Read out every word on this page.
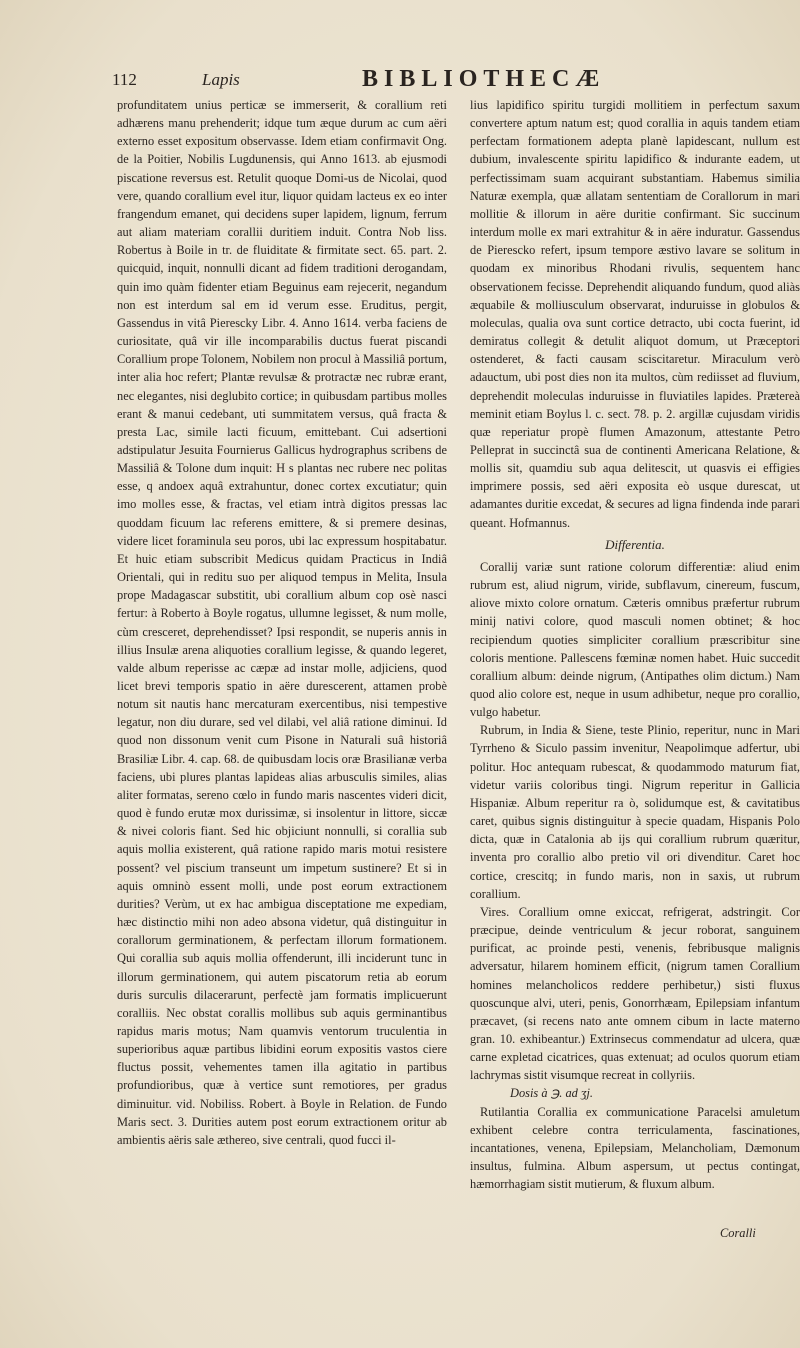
112	Lapis	BIBLIOTHECÆ

profunditatem unius perticæ se immerserit, & corallium reti adhærens manu prehenderit; idque tum æque durum ac cum aëri externo esset expositum observasse. Idem etiam confirmavit Ong. de la Poitier, Nobilis Lugdunensis, qui Anno 1613. ab ejusmodi piscatione reversus est. Retulit quoque Domi-us de Nicolai, quod vere, quando corallium evel itur, liquor quidam lacteus ex eo inter frangendum emanet, qui decidens super lapidem, lignum, ferrum aut aliam materiam corallii duritiem induit. Contra Nob liss. Robertus à Boile in tr. de fluiditate & firmitate sect. 65. part. 2. quicquid, inquit, nonnulli dicant ad fidem traditioni derogandam, quin imo quàm fidenter etiam Beguinus eam rejecerit, negandum non est interdum sal em id verum esse. Eruditus, pergit, Gassendus in vitâ Pierescky Libr. 4. Anno 1614. verba faciens de curiositate, quâ vir ille incomparabilis ductus fuerat piscandi Corallium prope Tolonem, Nobilem non procul à Massiliâ portum, inter alia hoc refert; Plantæ revulsæ & protractæ nec rubræ erant, nec elegantes, nisi deglubito cortice; in quibusdam partibus molles erant & manui cedebant, uti summitatem versus, quâ fracta & presta Lac, simile lacti ficuum, emittebant. Cui adsertioni adstipulatur Jesuita Fournierus Gallicus hydrographus scribens de Massiliâ & Tolone dum inquit: H s plantas nec rubere nec politas esse, q andoex aquâ extrahuntur, donec cortex excutiatur; quin imo molles esse, & fractas, vel etiam intrà digitos pressas lac quoddam ficuum lac referens emittere, & si premere desinas, videre licet foraminula seu poros, ubi lac expressum hospitabatur. Et huic etiam subscribit Medicus quidam Practicus in Indiâ Orientali, qui in reditu suo per aliquod tempus in Melita, Insula prope Madagascar substitit, ubi corallium album cop osè nasci fertur: à Roberto à Boyle rogatus, ullumne legisset, & num molle, cùm cresceret, deprehendisset? Ipsi respondit, se nuperis annis in illius Insulæ arena aliquoties corallium legisse, & quando legeret, valde album reperisse ac cæpæ ad instar molle, adjiciens, quod licet brevi temporis spatio in aëre durescerent, attamen probè notum sit nautis hanc mercaturam exercentibus, nisi tempestive legatur, non diu durare, sed vel dilabi, vel aliâ ratione diminui. Id quod non dissonum venit cum Pisone in Naturali suâ historiâ Brasiliæ Libr. 4. cap. 68. de quibusdam locis oræ Brasilianæ verba faciens, ubi plures plantas lapideas alias arbusculis similes, alias aliter formatas, sereno cœlo in fundo maris nascentes videri dicit, quod è fundo erutæ mox durissimæ, si insolentur in littore, siccæ & nivei coloris fiant. Sed hic objiciunt nonnulli, si corallia sub aquis mollia existerent, quâ ratione rapido maris motui resistere possent? vel piscium transeunt um impetum sustinere? Et si in aquis omninò essent molli, unde post eorum extractionem durities? Verùm, ut ex hac ambigua disceptatione me expediam, hæc distinctio mihi non adeo absona videtur, quâ distinguitur in corallorum germinationem, & perfectam illorum formationem. Qui corallia sub aquis mollia offenderunt, illi inciderunt tunc in illorum germinationem, qui autem piscatorum retia ab eorum duris surculis dilacerarunt, perfectè jam formatis implicuerunt coralliis. Nec obstat corallis mollibus sub aquis germinantibus rapidus maris motus; Nam quamvis ventorum truculentia in superioribus aquæ partibus libidini eorum expositis vastos ciere fluctus possit, vehementes tamen illa agitatio in partibus profundioribus, quæ à vertice sunt remotiores, per gradus diminuitur. vid. Nobiliss. Robert. à Boyle in Relation. de Fundo Maris sect. 3. Durities autem post eorum extractionem oritur ab ambientis aëris sale æthereo, sive centrali, quod fucci il-

lius lapidifico spiritu turgidi mollitiem in perfectum saxum convertere aptum natum est; quod corallia in aquis tandem etiam perfectam formationem adepta planè lapidescant, nullum est dubium, invalescente spiritu lapidifico & indurante eadem, ut perfectissimam suam acquirant substantiam. Habemus similia Naturæ exempla, quæ allatam sententiam de Corallorum in mari mollitie & illorum in aëre duritie confirmant. Sic succinum interdum molle ex mari extrahitur & in aëre induratur. Gassendus de Pierescko refert, ipsum tempore æstivo lavare se solitum in quodam ex minoribus Rhodani rivulis, sequentem hanc observationem fecisse. Deprehendit aliquando fundum, quod aliàs æquabile & molliusculum observarat, induruisse in globulos & moleculas, qualia ova sunt cortice detracto, ubi cocta fuerint, id demiratus collegit & detulit aliquot domum, ut Præceptori ostenderet, & facti causam sciscitaretur. Miraculum verò adauctum, ubi post dies non ita multos, cùm rediisset ad fluvium, deprehendit moleculas induruisse in fluviatiles lapides. Prætereà meminit etiam Boylus l. c. sect. 78. p. 2. argillæ cujusdam viridis quæ reperiatur propè flumen Amazonum, attestante Petro Pelleprat in succinctâ sua de continenti Americana Relatione, & mollis sit, quamdiu sub aqua delitescit, ut quasvis ei effigies imprimere possis, sed aëri exposita eò usque durescat, ut adamantes duritie excedat, & secures ad ligna findenda inde parari queant. Hofmannus.

Differentia.

Corallij variæ sunt ratione colorum differentiæ: aliud enim rubrum est, aliud nigrum, viride, subflavum, cinereum, fuscum, aliove mixto colore ornatum. Cæteris omnibus præfertur rubrum minij nativi colore, quod masculi nomen obtinet; & hoc recipiendum quoties simpliciter corallium præscribitur sine coloris mentione. Pallescens fœminæ nomen habet. Huic succedit corallium album: deinde nigrum, (Antipathes olim dictum.) Nam quod alio colore est, neque in usum adhibetur, neque pro corallio, vulgo habetur.

Rubrum, in India & Siene, teste Plinio, reperitur, nunc in Mari Tyrrheno & Siculo passim invenitur, Neapolimque adfertur, ubi politur. Hoc antequam rubescat, & quodammodo maturum fiat, videtur variis coloribus tingi. Nigrum reperitur in Gallicia Hispaniæ. Album reperitur ra ò, solidumque est, & cavitatibus caret, quibus signis distinguitur à specie quadam, Hispanis Polo dicta, quæ in Catalonia ab ijs qui corallium rubrum quæritur, inventa pro corallio albo pretio vil ori divenditur. Caret hoc cortice, crescitq; in fundo maris, non in saxis, ut rubrum corallium.

Vires. Corallium omne exiccat, refrigerat, adstringit. Cor præcipue, deinde ventriculum & jecur roborat, sanguinem purificat, ac proinde pesti, venenis, febribusque malignis adversatur, hilarem hominem efficit, (nigrum tamen Corallium homines melancholicos reddere perhibetur,) sisti fluxus quoscunque alvi, uteri, penis, Gonorrhæam, Epilepsiam infantum præcavet, (si recens nato ante omnem cibum in lacte materno gran. 10. exhibeantur.) Extrinsecus commendatur ad ulcera, quæ carne expletad cicatrices, quas extenuat; ad oculos quorum etiam lachrymas sistit visumque recreat in collyriis.

Dosis à ℈. ad ʒj.

Rutilantia Corallia ex communicatione Paracelsi amuletum exhibent celebre contra terriculamenta, fascinationes, incantationes, venena, Epilepsiam, Melancholiam, Dæmonum insultus, fulmina. Album aspersum, ut pectus contingat, hæmorrhagiam sistit mutierum, & fluxum album.

Coralli
